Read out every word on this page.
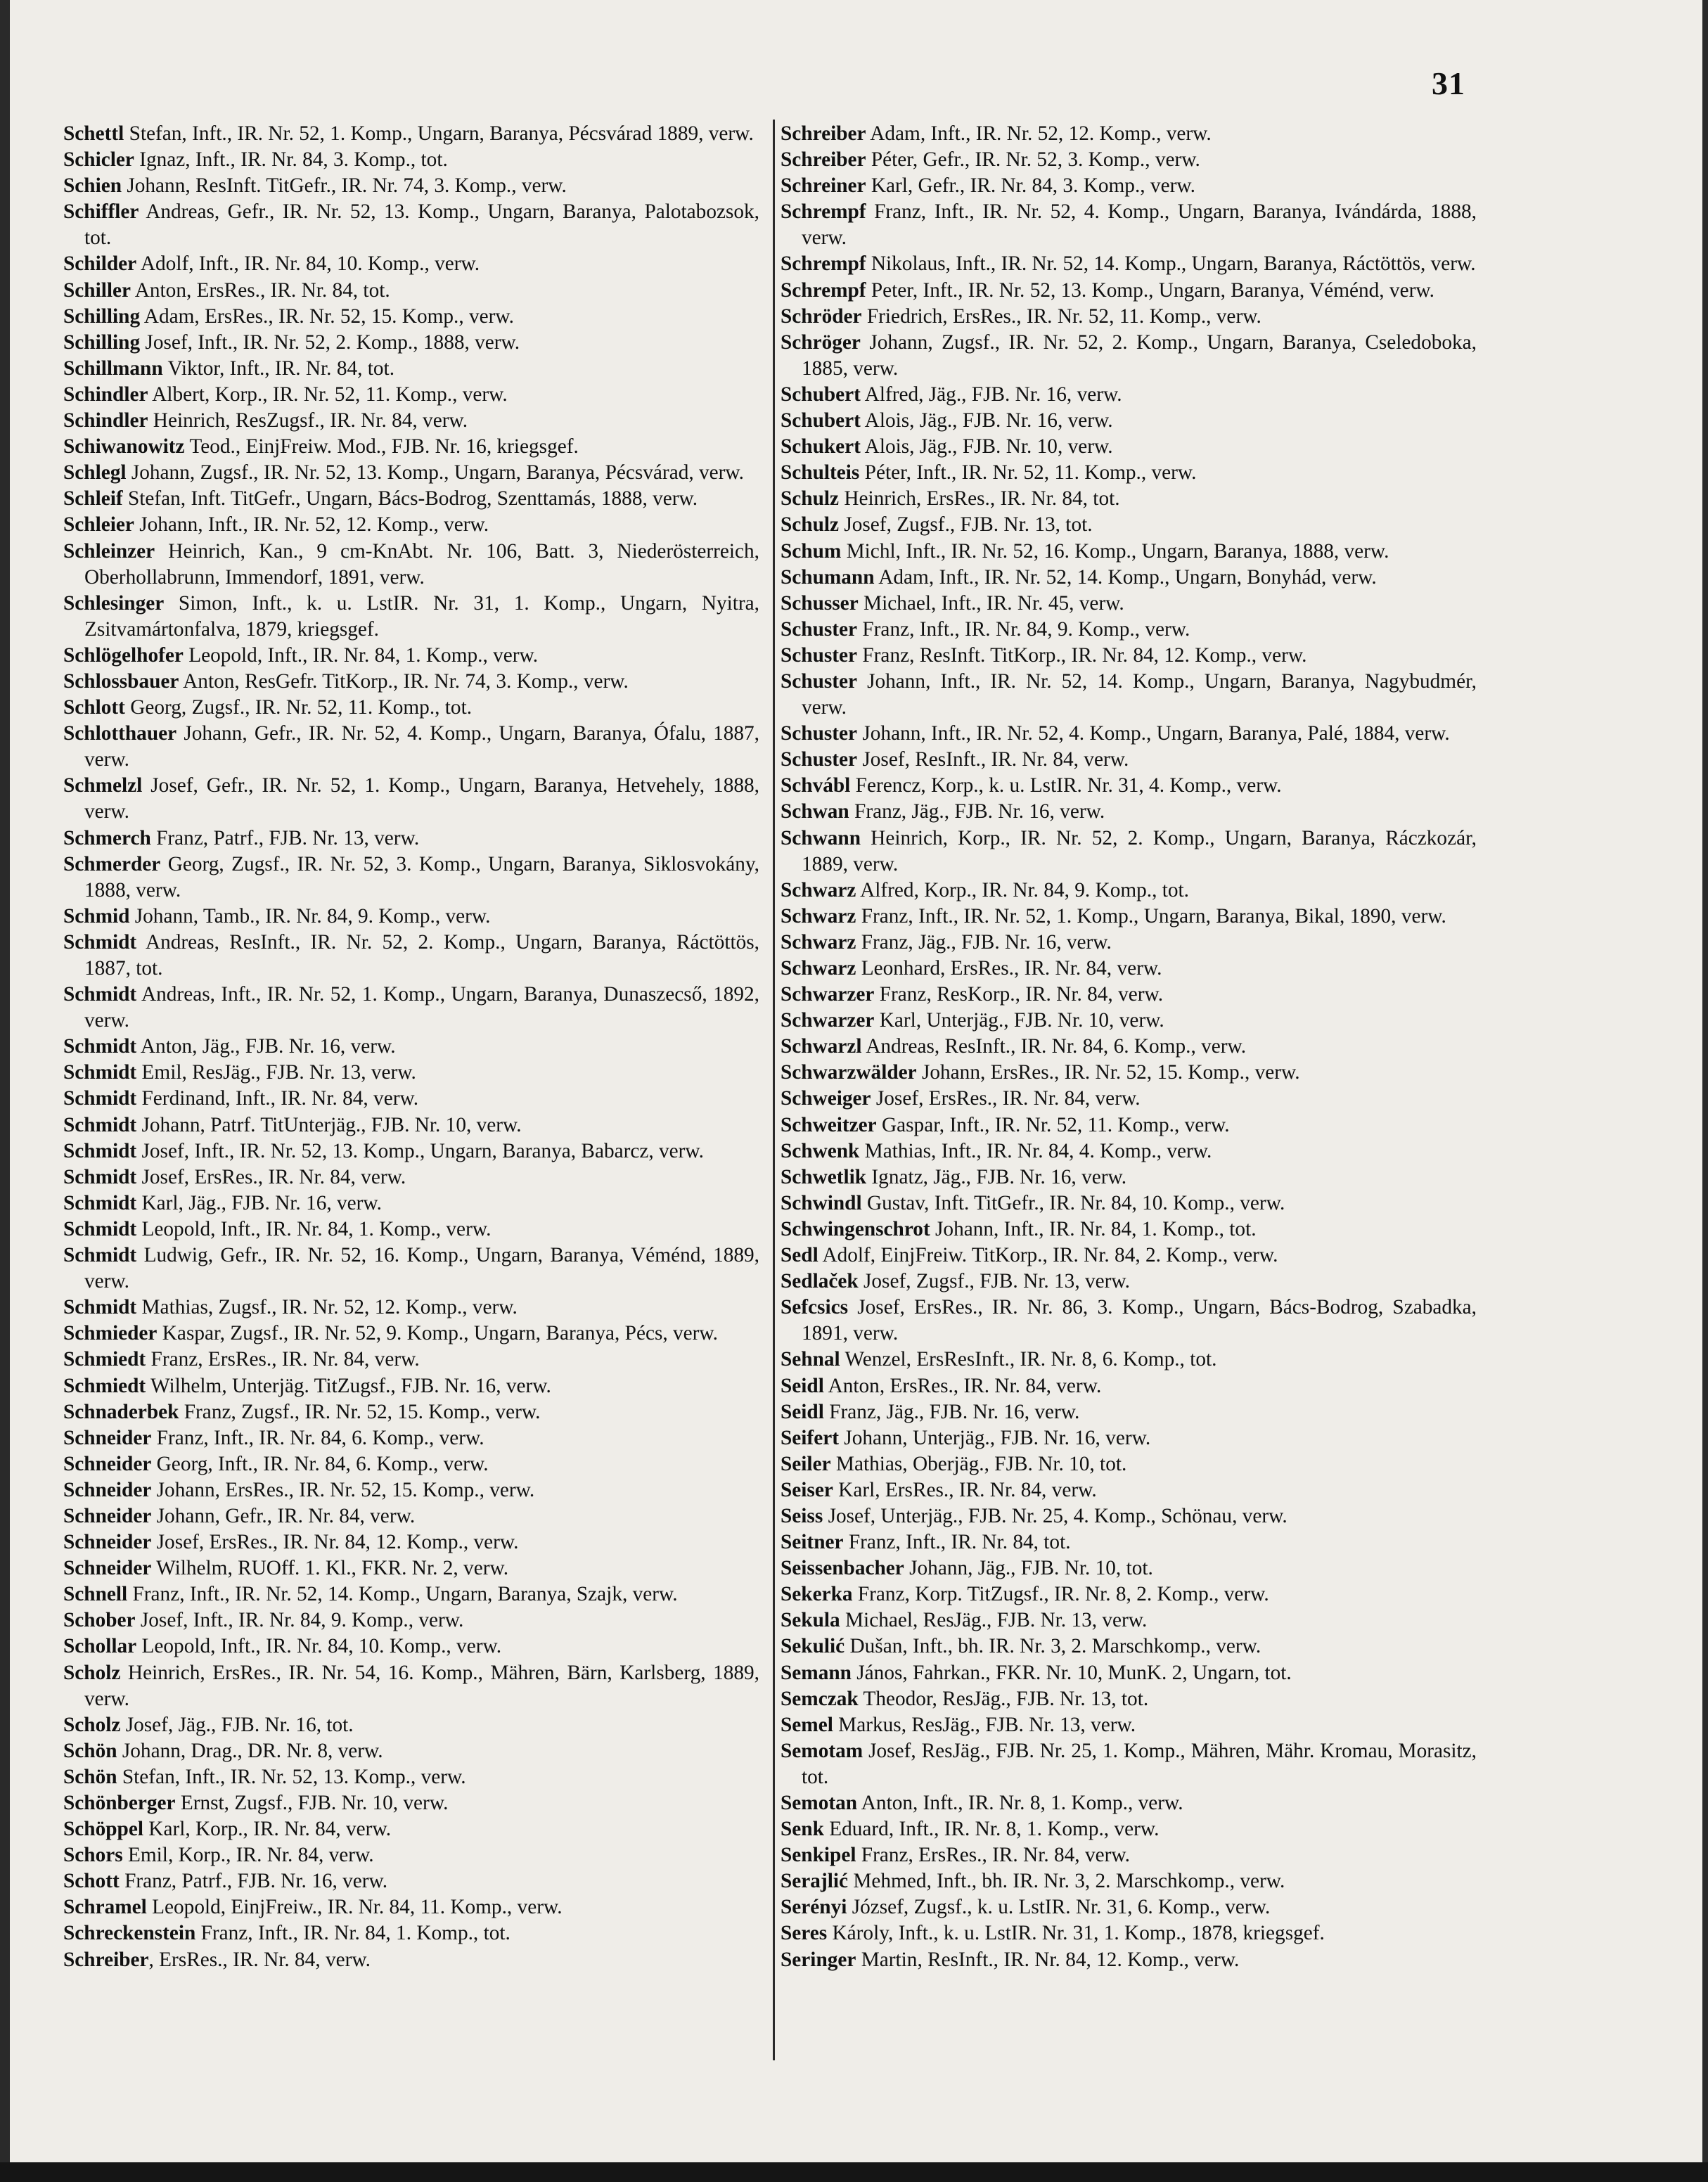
31

Schettl Stefan, Inft., IR. Nr. 52, 1. Komp., Ungarn, Baranya, Pécsvárad 1889, verw.

Schicler Ignaz, Inft., IR. Nr. 84, 3. Komp., tot.

Schien Johann, ResInft. TitGefr., IR. Nr. 74, 3. Komp., verw.

Schiffler Andreas, Gefr., IR. Nr. 52, 13. Komp., Ungarn, Baranya, Palotabozsok, tot.

Schilder Adolf, Inft., IR. Nr. 84, 10. Komp., verw.

Schiller Anton, ErsRes., IR. Nr. 84, tot.

Schilling Adam, ErsRes., IR. Nr. 52, 15. Komp., verw.

Schilling Josef, Inft., IR. Nr. 52, 2. Komp., 1888, verw.

Schillmann Viktor, Inft., IR. Nr. 84, tot.

Schindler Albert, Korp., IR. Nr. 52, 11. Komp., verw.

Schindler Heinrich, ResZugsf., IR. Nr. 84, verw.

Schiwanowitz Teod., EinjFreiw. Mod., FJB. Nr. 16, kriegsgef.

Schlegl Johann, Zugsf., IR. Nr. 52, 13. Komp., Ungarn, Baranya, Pécsvárad, verw.

Schleif Stefan, Inft. TitGefr., Ungarn, Bács-Bodrog, Szenttamás, 1888, verw.

Schleier Johann, Inft., IR. Nr. 52, 12. Komp., verw.

Schleinzer Heinrich, Kan., 9 cm-KnAbt. Nr. 106, Batt. 3, Niederösterreich, Oberhollabrunn, Immendorf, 1891, verw.

Schlesinger Simon, Inft., k. u. LstIR. Nr. 31, 1. Komp., Ungarn, Nyitra, Zsitvamártonfalva, 1879, kriegsgef.

Schlögelhofer Leopold, Inft., IR. Nr. 84, 1. Komp., verw.

Schlossbauer Anton, ResGefr. TitKorp., IR. Nr. 74, 3. Komp., verw.

Schlott Georg, Zugsf., IR. Nr. 52, 11. Komp., tot.

Schlotthauer Johann, Gefr., IR. Nr. 52, 4. Komp., Ungarn, Baranya, Ófalu, 1887, verw.

Schmelzl Josef, Gefr., IR. Nr. 52, 1. Komp., Ungarn, Baranya, Hetvehely, 1888, verw.

Schmerch Franz, Patrf., FJB. Nr. 13, verw.

Schmerder Georg, Zugsf., IR. Nr. 52, 3. Komp., Ungarn, Baranya, Siklosvokány, 1888, verw.

Schmid Johann, Tamb., IR. Nr. 84, 9. Komp., verw.

Schmidt Andreas, ResInft., IR. Nr. 52, 2. Komp., Ungarn, Baranya, Ráctöttös, 1887, tot.

Schmidt Andreas, Inft., IR. Nr. 52, 1. Komp., Ungarn, Baranya, Dunaszecső, 1892, verw.

Schmidt Anton, Jäg., FJB. Nr. 16, verw.

Schmidt Emil, ResJäg., FJB. Nr. 13, verw.

Schmidt Ferdinand, Inft., IR. Nr. 84, verw.

Schmidt Johann, Patrf. TitUnterjäg., FJB. Nr. 10, verw.

Schmidt Josef, Inft., IR. Nr. 52, 13. Komp., Ungarn, Baranya, Babarcz, verw.

Schmidt Josef, ErsRes., IR. Nr. 84, verw.

Schmidt Karl, Jäg., FJB. Nr. 16, verw.

Schmidt Leopold, Inft., IR. Nr. 84, 1. Komp., verw.

Schmidt Ludwig, Gefr., IR. Nr. 52, 16. Komp., Ungarn, Baranya, Véménd, 1889, verw.

Schmidt Mathias, Zugsf., IR. Nr. 52, 12. Komp., verw.

Schmieder Kaspar, Zugsf., IR. Nr. 52, 9. Komp., Ungarn, Baranya, Pécs, verw.

Schmiedt Franz, ErsRes., IR. Nr. 84, verw.

Schmiedt Wilhelm, Unterjäg. TitZugsf., FJB. Nr. 16, verw.

Schnaderbek Franz, Zugsf., IR. Nr. 52, 15. Komp., verw.

Schneider Franz, Inft., IR. Nr. 84, 6. Komp., verw.

Schneider Georg, Inft., IR. Nr. 84, 6. Komp., verw.

Schneider Johann, ErsRes., IR. Nr. 52, 15. Komp., verw.

Schneider Johann, Gefr., IR. Nr. 84, verw.

Schneider Josef, ErsRes., IR. Nr. 84, 12. Komp., verw.

Schneider Wilhelm, RUOff. 1. Kl., FKR. Nr. 2, verw.

Schnell Franz, Inft., IR. Nr. 52, 14. Komp., Ungarn, Baranya, Szajk, verw.

Schober Josef, Inft., IR. Nr. 84, 9. Komp., verw.

Schollar Leopold, Inft., IR. Nr. 84, 10. Komp., verw.

Scholz Heinrich, ErsRes., IR. Nr. 54, 16. Komp., Mähren, Bärn, Karlsberg, 1889, verw.

Scholz Josef, Jäg., FJB. Nr. 16, tot.

Schön Johann, Drag., DR. Nr. 8, verw.

Schön Stefan, Inft., IR. Nr. 52, 13. Komp., verw.

Schönberger Ernst, Zugsf., FJB. Nr. 10, verw.

Schöppel Karl, Korp., IR. Nr. 84, verw.

Schors Emil, Korp., IR. Nr. 84, verw.

Schott Franz, Patrf., FJB. Nr. 16, verw.

Schramel Leopold, EinjFreiw., IR. Nr. 84, 11. Komp., verw.

Schreckenstein Franz, Inft., IR. Nr. 84, 1. Komp., tot.

Schreiber, ErsRes., IR. Nr. 84, verw.

Schreiber Adam, Inft., IR. Nr. 52, 12. Komp., verw.

Schreiber Péter, Gefr., IR. Nr. 52, 3. Komp., verw.

Schreiner Karl, Gefr., IR. Nr. 84, 3. Komp., verw.

Schrempf Franz, Inft., IR. Nr. 52, 4. Komp., Ungarn, Baranya, Ivándárda, 1888, verw.

Schrempf Nikolaus, Inft., IR. Nr. 52, 14. Komp., Ungarn, Baranya, Ráctöttös, verw.

Schrempf Peter, Inft., IR. Nr. 52, 13. Komp., Ungarn, Baranya, Véménd, verw.

Schröder Friedrich, ErsRes., IR. Nr. 52, 11. Komp., verw.

Schröger Johann, Zugsf., IR. Nr. 52, 2. Komp., Ungarn, Baranya, Cseledoboka, 1885, verw.

Schubert Alfred, Jäg., FJB. Nr. 16, verw.

Schubert Alois, Jäg., FJB. Nr. 16, verw.

Schukert Alois, Jäg., FJB. Nr. 10, verw.

Schulteis Péter, Inft., IR. Nr. 52, 11. Komp., verw.

Schulz Heinrich, ErsRes., IR. Nr. 84, tot.

Schulz Josef, Zugsf., FJB. Nr. 13, tot.

Schum Michl, Inft., IR. Nr. 52, 16. Komp., Ungarn, Baranya, 1888, verw.

Schumann Adam, Inft., IR. Nr. 52, 14. Komp., Ungarn, Bonyhád, verw.

Schusser Michael, Inft., IR. Nr. 45, verw.

Schuster Franz, Inft., IR. Nr. 84, 9. Komp., verw.

Schuster Franz, ResInft. TitKorp., IR. Nr. 84, 12. Komp., verw.

Schuster Johann, Inft., IR. Nr. 52, 14. Komp., Ungarn, Baranya, Nagybudmér, verw.

Schuster Johann, Inft., IR. Nr. 52, 4. Komp., Ungarn, Baranya, Palé, 1884, verw.

Schuster Josef, ResInft., IR. Nr. 84, verw.

Schvábl Ferencz, Korp., k. u. LstIR. Nr. 31, 4. Komp., verw.

Schwan Franz, Jäg., FJB. Nr. 16, verw.

Schwann Heinrich, Korp., IR. Nr. 52, 2. Komp., Ungarn, Baranya, Ráczkozár, 1889, verw.

Schwarz Alfred, Korp., IR. Nr. 84, 9. Komp., tot.

Schwarz Franz, Inft., IR. Nr. 52, 1. Komp., Ungarn, Baranya, Bikal, 1890, verw.

Schwarz Franz, Jäg., FJB. Nr. 16, verw.

Schwarz Leonhard, ErsRes., IR. Nr. 84, verw.

Schwarzer Franz, ResKorp., IR. Nr. 84, verw.

Schwarzer Karl, Unterjäg., FJB. Nr. 10, verw.

Schwarzl Andreas, ResInft., IR. Nr. 84, 6. Komp., verw.

Schwarzwälder Johann, ErsRes., IR. Nr. 52, 15. Komp., verw.

Schweiger Josef, ErsRes., IR. Nr. 84, verw.

Schweitzer Gaspar, Inft., IR. Nr. 52, 11. Komp., verw.

Schwenk Mathias, Inft., IR. Nr. 84, 4. Komp., verw.

Schwetlik Ignatz, Jäg., FJB. Nr. 16, verw.

Schwindl Gustav, Inft. TitGefr., IR. Nr. 84, 10. Komp., verw.

Schwingenschrot Johann, Inft., IR. Nr. 84, 1. Komp., tot.

Sedl Adolf, EinjFreiw. TitKorp., IR. Nr. 84, 2. Komp., verw.

Sedlaček Josef, Zugsf., FJB. Nr. 13, verw.

Sefcsics Josef, ErsRes., IR. Nr. 86, 3. Komp., Ungarn, Bács-Bodrog, Szabadka, 1891, verw.

Sehnal Wenzel, ErsResInft., IR. Nr. 8, 6. Komp., tot.

Seidl Anton, ErsRes., IR. Nr. 84, verw.

Seidl Franz, Jäg., FJB. Nr. 16, verw.

Seifert Johann, Unterjäg., FJB. Nr. 16, verw.

Seiler Mathias, Oberjäg., FJB. Nr. 10, tot.

Seiser Karl, ErsRes., IR. Nr. 84, verw.

Seiss Josef, Unterjäg., FJB. Nr. 25, 4. Komp., Schönau, verw.

Seitner Franz, Inft., IR. Nr. 84, tot.

Seissenbacher Johann, Jäg., FJB. Nr. 10, tot.

Sekerka Franz, Korp. TitZugsf., IR. Nr. 8, 2. Komp., verw.

Sekula Michael, ResJäg., FJB. Nr. 13, verw.

Sekulić Dušan, Inft., bh. IR. Nr. 3, 2. Marschkomp., verw.

Semann János, Fahrkan., FKR. Nr. 10, MunK. 2, Ungarn, tot.

Semczak Theodor, ResJäg., FJB. Nr. 13, tot.

Semel Markus, ResJäg., FJB. Nr. 13, verw.

Semotam Josef, ResJäg., FJB. Nr. 25, 1. Komp., Mähren, Mähr. Kromau, Morasitz, tot.

Semotan Anton, Inft., IR. Nr. 8, 1. Komp., verw.

Senk Eduard, Inft., IR. Nr. 8, 1. Komp., verw.

Senkipel Franz, ErsRes., IR. Nr. 84, verw.

Serajlić Mehmed, Inft., bh. IR. Nr. 3, 2. Marschkomp., verw.

Serényi József, Zugsf., k. u. LstIR. Nr. 31, 6. Komp., verw.

Seres Károly, Inft., k. u. LstIR. Nr. 31, 1. Komp., 1878, kriegsgef.

Seringer Martin, ResInft., IR. Nr. 84, 12. Komp., verw.
